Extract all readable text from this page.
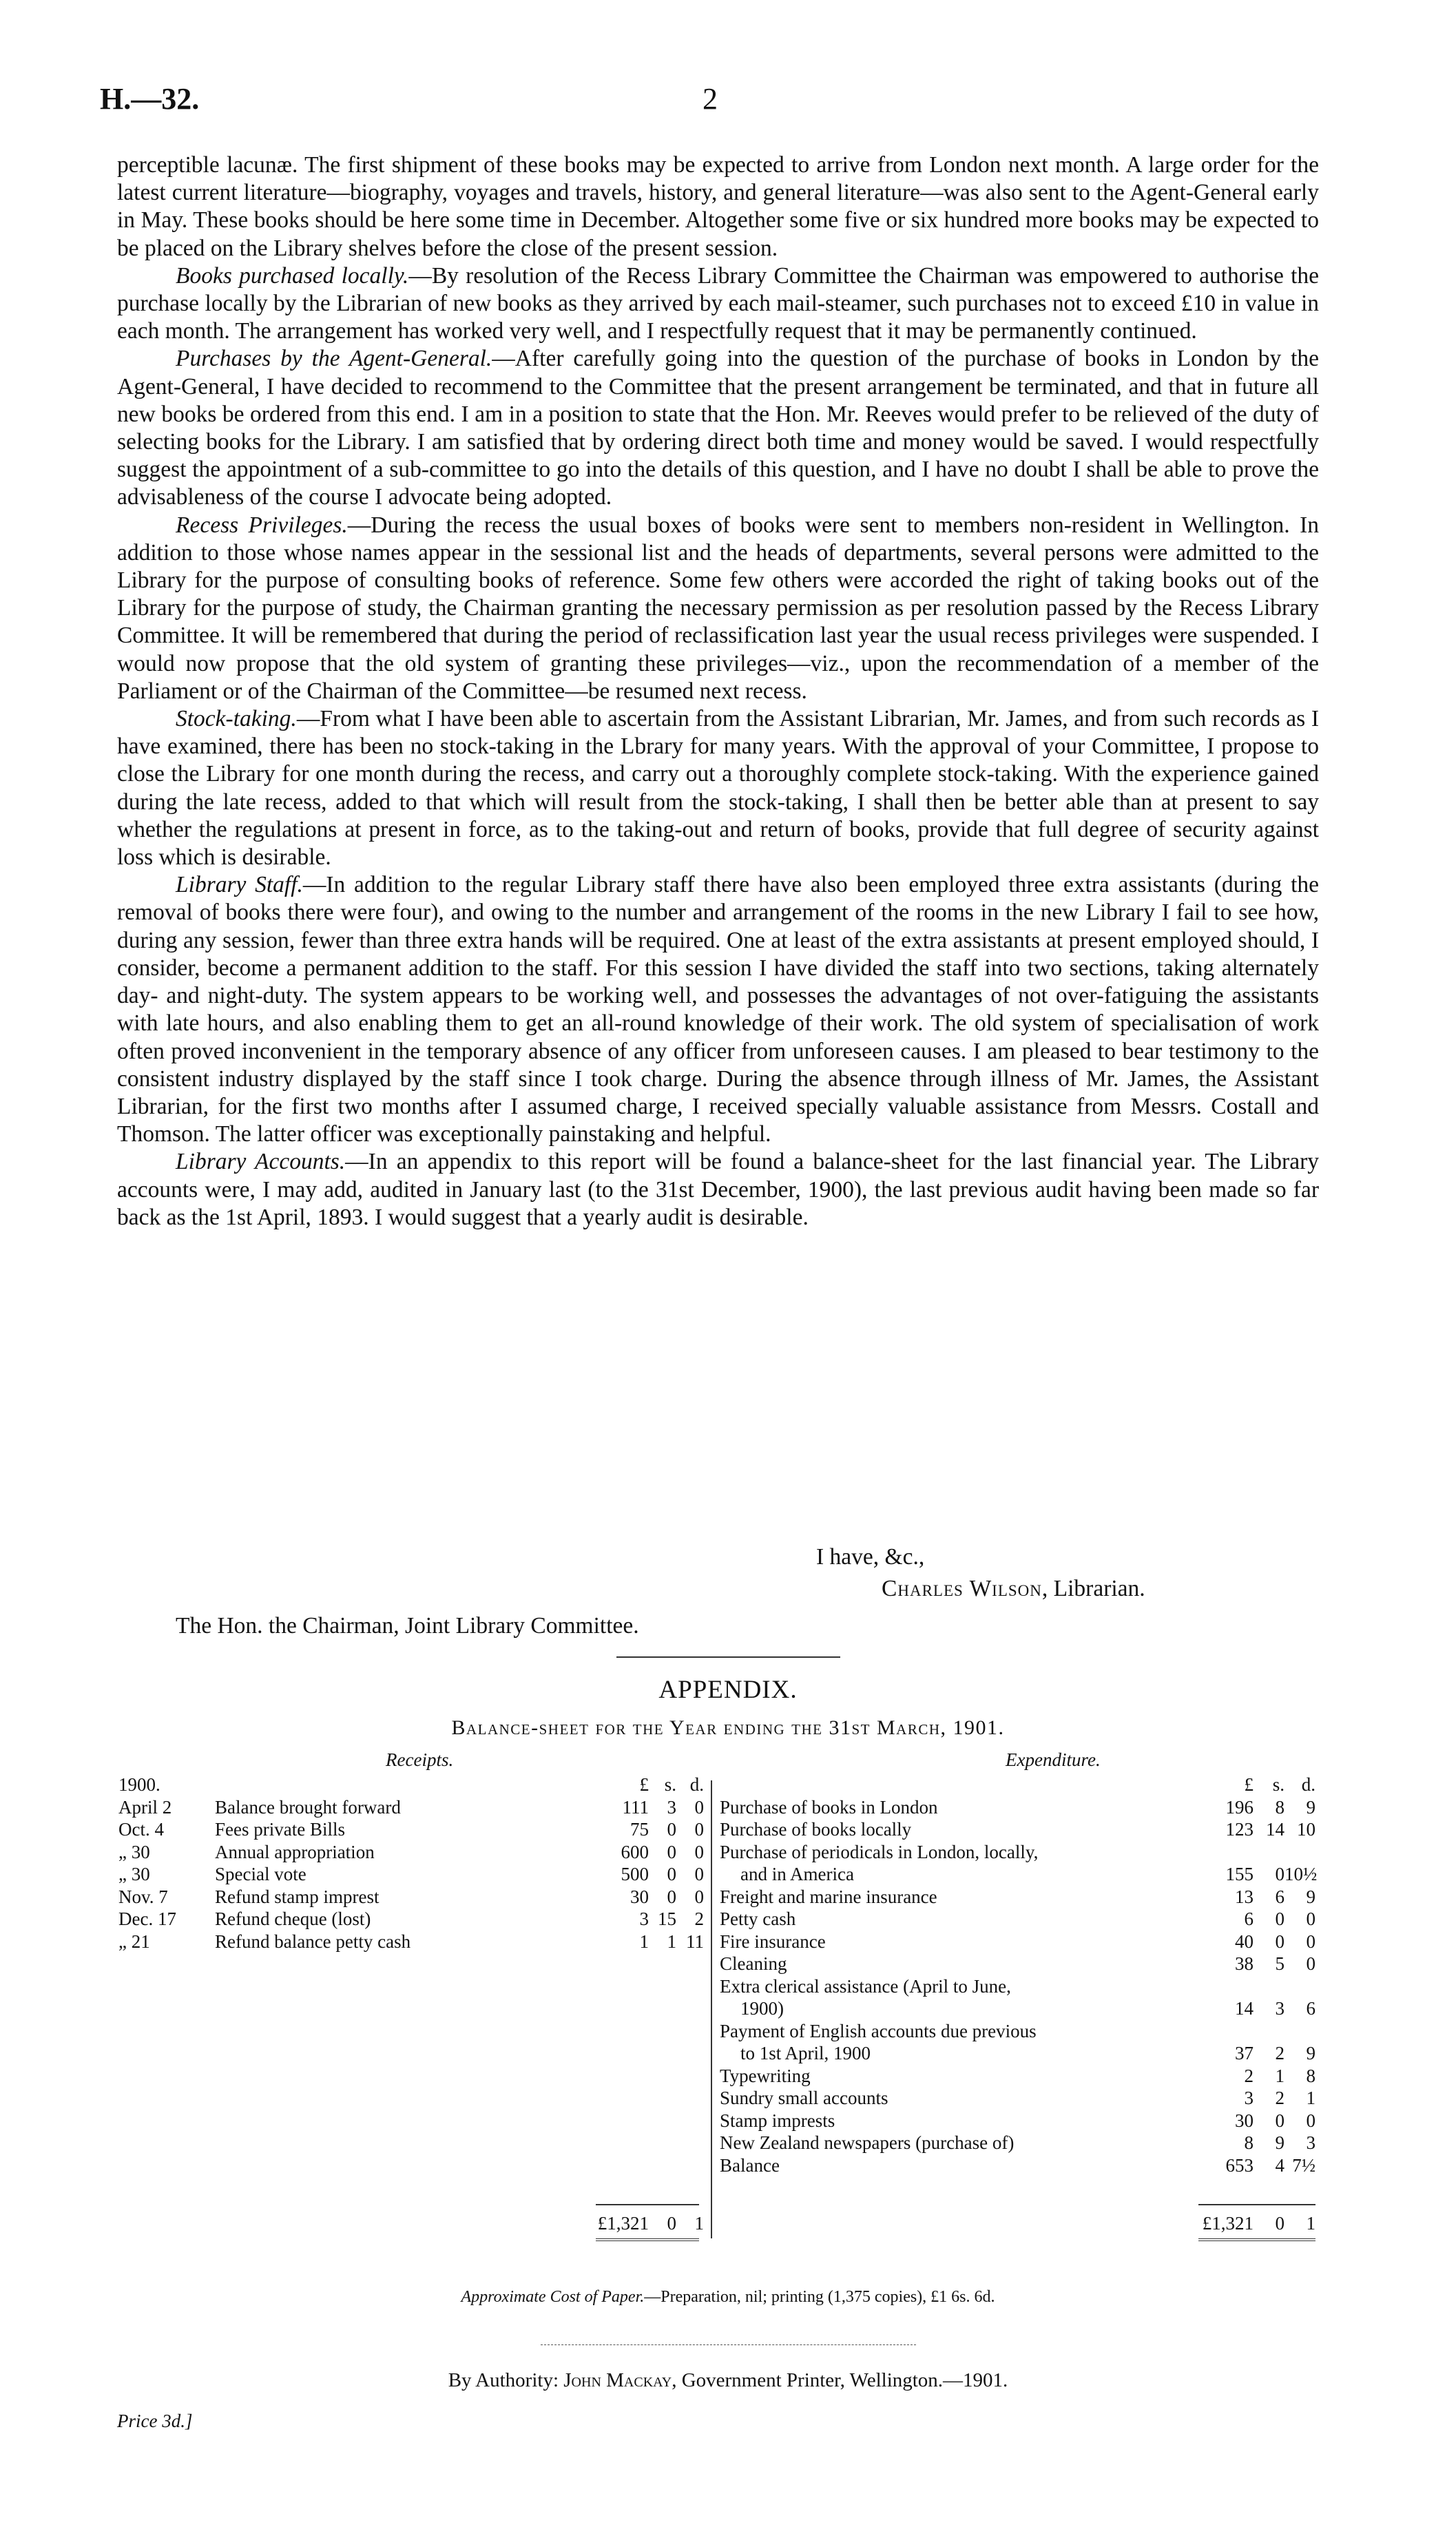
H.—32.	2

perceptible lacunæ. The first shipment of these books may be expected to arrive from London next month. A large order for the latest current literature—biography, voyages and travels, history, and general literature—was also sent to the Agent-General early in May. These books should be here some time in December. Altogether some five or six hundred more books may be expected to be placed on the Library shelves before the close of the present session.

Books purchased locally.—By resolution of the Recess Library Committee the Chairman was empowered to authorise the purchase locally by the Librarian of new books as they arrived by each mail-steamer, such purchases not to exceed £10 in value in each month. The arrangement has worked very well, and I respectfully request that it may be permanently continued.

Purchases by the Agent-General.—After carefully going into the question of the purchase of books in London by the Agent-General, I have decided to recommend to the Committee that the present arrangement be terminated, and that in future all new books be ordered from this end. I am in a position to state that the Hon. Mr. Reeves would prefer to be relieved of the duty of selecting books for the Library. I am satisfied that by ordering direct both time and money would be saved. I would respectfully suggest the appointment of a sub-committee to go into the details of this question, and I have no doubt I shall be able to prove the advisableness of the course I advocate being adopted.

Recess Privileges.—During the recess the usual boxes of books were sent to members non-resident in Wellington. In addition to those whose names appear in the sessional list and the heads of departments, several persons were admitted to the Library for the purpose of consulting books of reference. Some few others were accorded the right of taking books out of the Library for the purpose of study, the Chairman granting the necessary permission as per resolution passed by the Recess Library Committee. It will be remembered that during the period of reclassification last year the usual recess privileges were suspended. I would now propose that the old system of granting these privileges—viz., upon the recommendation of a member of the Parliament or of the Chairman of the Committee—be resumed next recess.

Stock-taking.—From what I have been able to ascertain from the Assistant Librarian, Mr. James, and from such records as I have examined, there has been no stock-taking in the Lbrary for many years. With the approval of your Committee, I propose to close the Library for one month during the recess, and carry out a thoroughly complete stock-taking. With the experience gained during the late recess, added to that which will result from the stock-taking, I shall then be better able than at present to say whether the regulations at present in force, as to the taking-out and return of books, provide that full degree of security against loss which is desirable.

Library Staff.—In addition to the regular Library staff there have also been employed three extra assistants (during the removal of books there were four), and owing to the number and arrangement of the rooms in the new Library I fail to see how, during any session, fewer than three extra hands will be required. One at least of the extra assistants at present employed should, I consider, become a permanent addition to the staff. For this session I have divided the staff into two sections, taking alternately day- and night-duty. The system appears to be working well, and possesses the advantages of not over-fatiguing the assistants with late hours, and also enabling them to get an all-round knowledge of their work. The old system of specialisation of work often proved inconvenient in the temporary absence of any officer from unforeseen causes. I am pleased to bear testimony to the consistent industry displayed by the staff since I took charge. During the absence through illness of Mr. James, the Assistant Librarian, for the first two months after I assumed charge, I received specially valuable assistance from Messrs. Costall and Thomson. The latter officer was exceptionally painstaking and helpful.

Library Accounts.—In an appendix to this report will be found a balance-sheet for the last financial year. The Library accounts were, I may add, audited in January last (to the 31st December, 1900), the last previous audit having been made so far back as the 1st April, 1893. I would suggest that a yearly audit is desirable.

I have, &c.,
Charles Wilson, Librarian.
The Hon. the Chairman, Joint Library Committee.
APPENDIX.
Balance-sheet for the Year ending the 31st March, 1901.
Receipts.	Expenditure.
1900.	£ s. d.
April 2	Balance brought forward	111 3 0
Oct. 4	Fees private Bills	75 0 0
„ 30	Annual appropriation	600 0 0
„ 30	Special vote	500 0 0
Nov. 7	Refund stamp imprest	30 0 0
Dec. 17	Refund cheque (lost)	3 15 2
„ 21	Refund balance petty cash	1 1 11
£	s. d.
Purchase of books in London	196	8	9
Purchase of books locally	123 14 10
Purchase of periodicals in London, locally,
and in America	155	0 10½
Freight and marine insurance	13	6	9
Petty cash	6	0	0
Fire insurance	40	0	0
Cleaning	38	5	0
Extra clerical assistance (April to June,
1900)	14	3	6
Payment of English accounts due previous
to 1st April, 1900	37	2	9
Typewriting	2	1	8
Sundry small accounts	3	2	1
Stamp imprests	30	0	0
New Zealand newspapers (purchase of)	8	9	3
Balance	653	4 7½
£1,321 0 1	£1,321	0	1
Approximate Cost of Paper.—Preparation, nil; printing (1,375 copies), £1 6s. 6d.
By Authority: John Mackay, Government Printer, Wellington.—1901.
Price 3d.]
